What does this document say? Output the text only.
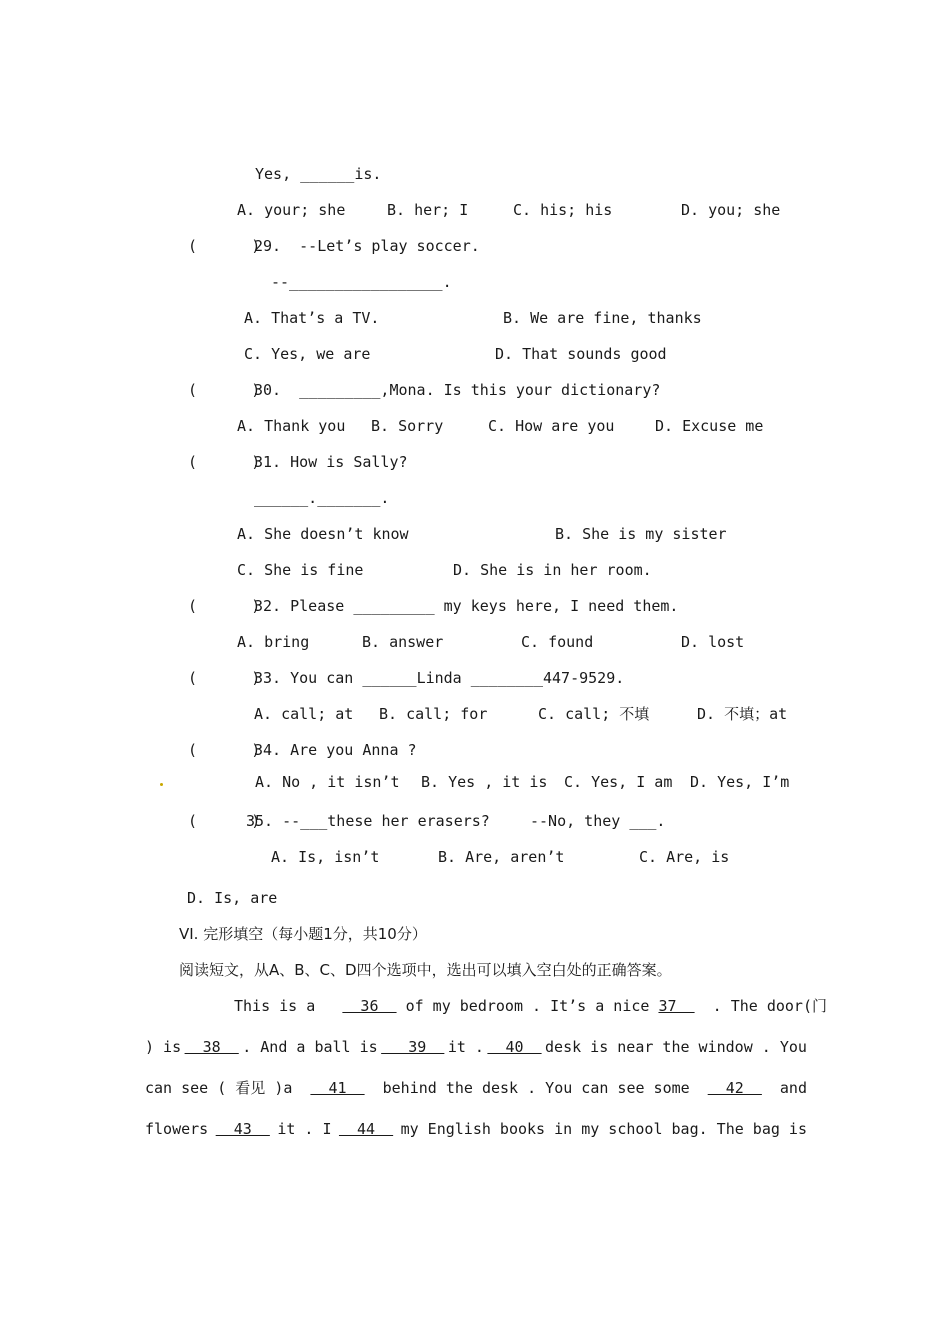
Yes, ______is.
A. your; she	B. her; I	C. his; his	D. you; she
(      )
29.  --Let’s play soccer.
--_________________.
A. That’s a TV.	B. We are fine, thanks
C. Yes, we are	D. That sounds good
(      )
30.  _________,Mona. Is this your dictionary?
A. Thank you B. Sorry	C. How are you	D. Excuse me
(      )
31. How is Sally?
______._______.
A. She doesn’t know	B. She is my sister
C. She is fine	D. She is in her room.
(      )
32. Please _________ my keys here, I need them.
A. bring	B. answer	C. found	D. lost
(      )
33. You can ______Linda ________447-9529.
A. call; at B. call; for	C. call; 不填	D. 不填；at
(      )
34. Are you Anna ?
A. No , it isn’t B. Yes , it is C. Yes, I am D. Yes, I’m
(      )
35. --___these her erasers?	--No, they ___.
A. Is, isn’t	B. Are, aren’t	C. Are, is
D. Is, are
VI. 完形填空（每小题1分，共10分）
阅读短文，从A、B、C、D四个选项中，选出可以填入空白处的正确答案。
This is a     36   of my bedroom . It’s a nice 37    . The door(门
) is 38 . And a ball is 39 it . 40 desk is near the window . You
can see ( 看见 )a 41 behind the desk . You can see some 42 and
flowers 43 it . I 44 my English books in my school bag. The bag is
